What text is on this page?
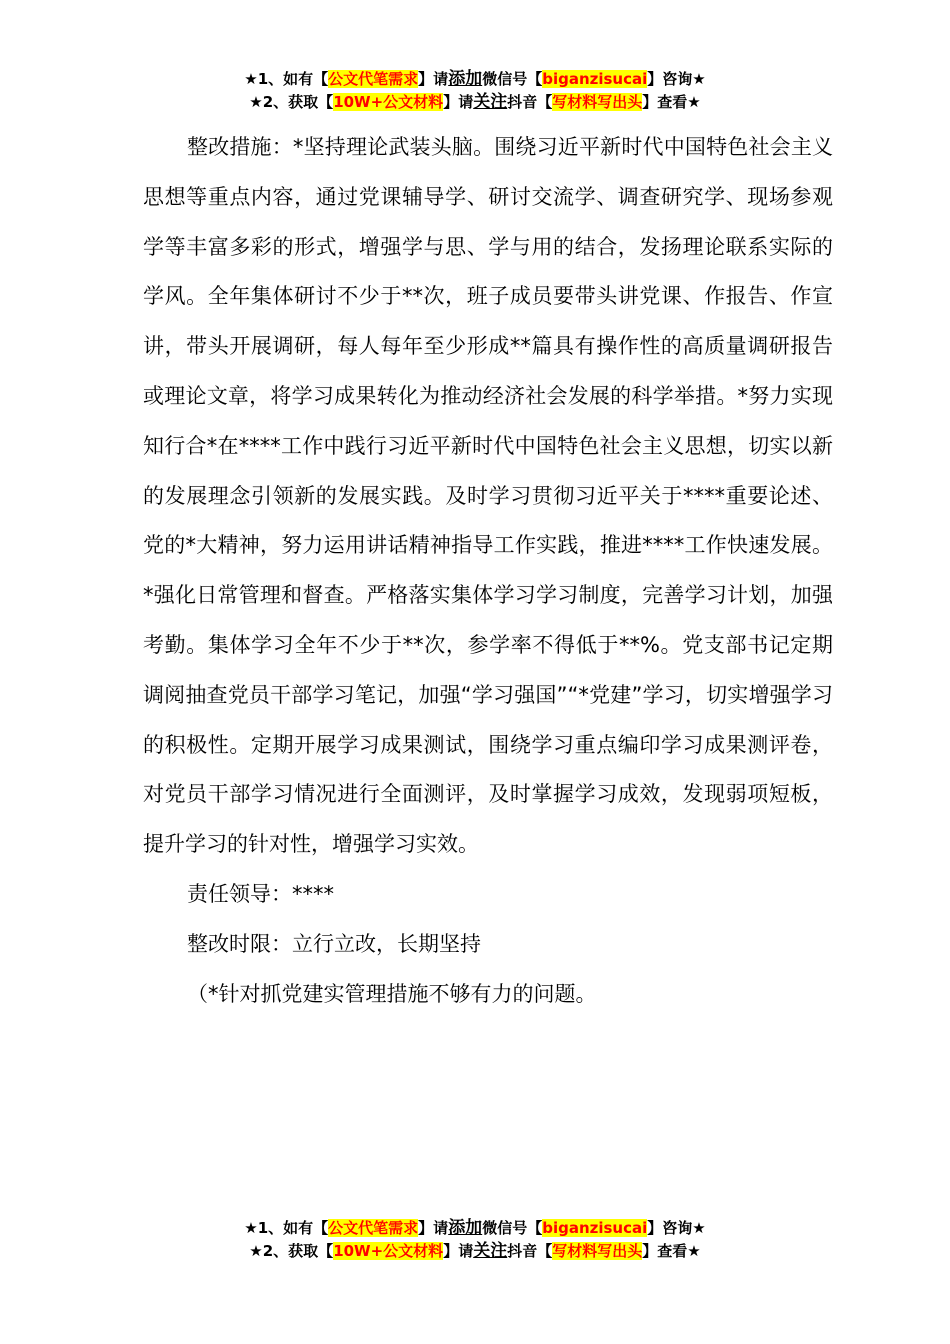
★1、如有【公文代笔需求】请添加微信号【biganzisucai】咨询★
★2、获取【10W+公文材料】请关注抖音【写材料写出头】查看★

整改措施：*坚持理论武装头脑。围绕习近平新时代中国特色社会主义思想等重点内容，通过党课辅导学、研讨交流学、调查研究学、现场参观学等丰富多彩的形式，增强学与思、学与用的结合，发扬理论联系实际的学风。全年集体研讨不少于**次，班子成员要带头讲党课、作报告、作宣讲，带头开展调研，每人每年至少形成**篇具有操作性的高质量调研报告或理论文章，将学习成果转化为推动经济社会发展的科学举措。*努力实现知行合*在****工作中践行习近平新时代中国特色社会主义思想，切实以新的发展理念引领新的发展实践。及时学习贯彻习近平关于****重要论述、党的*大精神，努力运用讲话精神指导工作实践，推进****工作快速发展。*强化日常管理和督查。严格落实集体学习学习制度，完善学习计划，加强考勤。集体学习全年不少于**次，参学率不得低于**%。党支部书记定期调阅抽查党员干部学习笔记，加强“学习强国”“*党建”学习，切实增强学习的积极性。定期开展学习成果测试，围绕学习重点编印学习成果测评卷，对党员干部学习情况进行全面测评，及时掌握学习成效，发现弱项短板，提升学习的针对性，增强学习实效。

责任领导：****

整改时限：立行立改，长期坚持

（*针对抓党建实管理措施不够有力的问题。

★1、如有【公文代笔需求】请添加微信号【biganzisucai】咨询★
★2、获取【10W+公文材料】请关注抖音【写材料写出头】查看★
